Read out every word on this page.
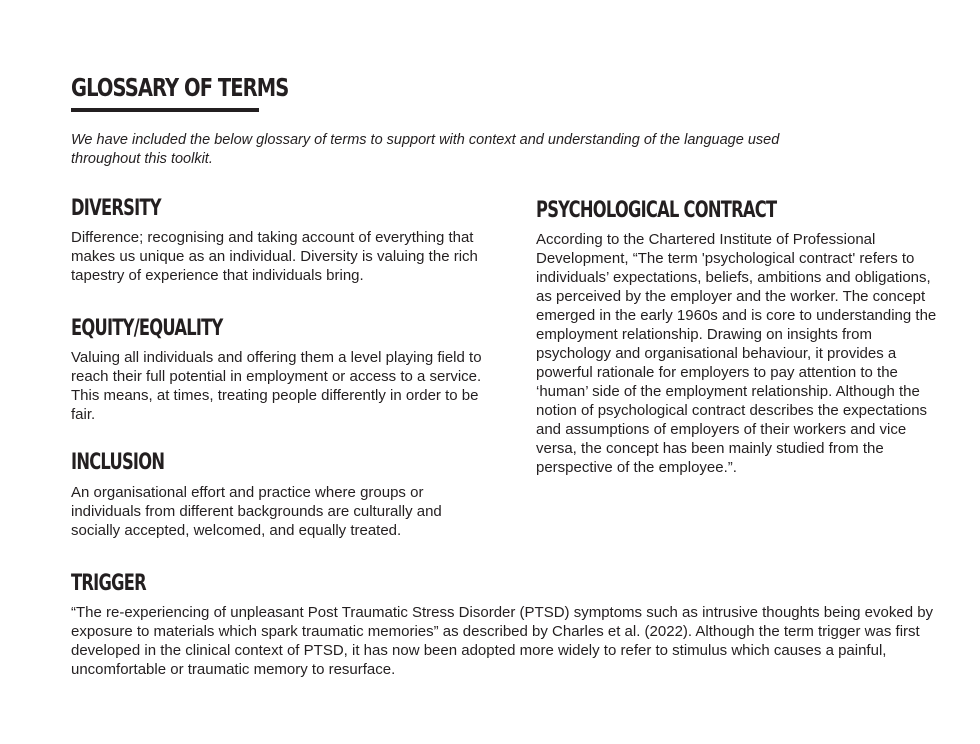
GLOSSARY OF TERMS

We have included the below glossary of terms to support with context and understanding of the language used throughout this toolkit.

DIVERSITY

Difference; recognising and taking account of everything that makes us unique as an individual. Diversity is valuing the rich tapestry of experience that individuals bring.

EQUITY/EQUALITY

Valuing all individuals and offering them a level playing field to reach their full potential in employment or access to a service. This means, at times, treating people differently in order to be fair.

INCLUSION

An organisational effort and practice where groups or individuals from different backgrounds are culturally and socially accepted, welcomed, and equally treated.

PSYCHOLOGICAL CONTRACT

According to the Chartered Institute of Professional Development, “The term 'psychological contract' refers to individuals’ expectations, beliefs, ambitions and obligations, as perceived by the employer and the worker. The concept emerged in the early 1960s and is core to understanding the employment relationship. Drawing on insights from psychology and organisational behaviour, it provides a powerful rationale for employers to pay attention to the ‘human’ side of the employment relationship. Although the notion of psychological contract describes the expectations and assumptions of employers of their workers and vice versa, the concept has been mainly studied from the perspective of the employee.”.

TRIGGER

“The re-experiencing of unpleasant Post Traumatic Stress Disorder (PTSD) symptoms such as intrusive thoughts being evoked by exposure to materials which spark traumatic memories” as described by Charles et al. (2022). Although the term trigger was first developed in the clinical context of PTSD, it has now been adopted more widely to refer to stimulus which causes a painful, uncomfortable or traumatic memory to resurface.
